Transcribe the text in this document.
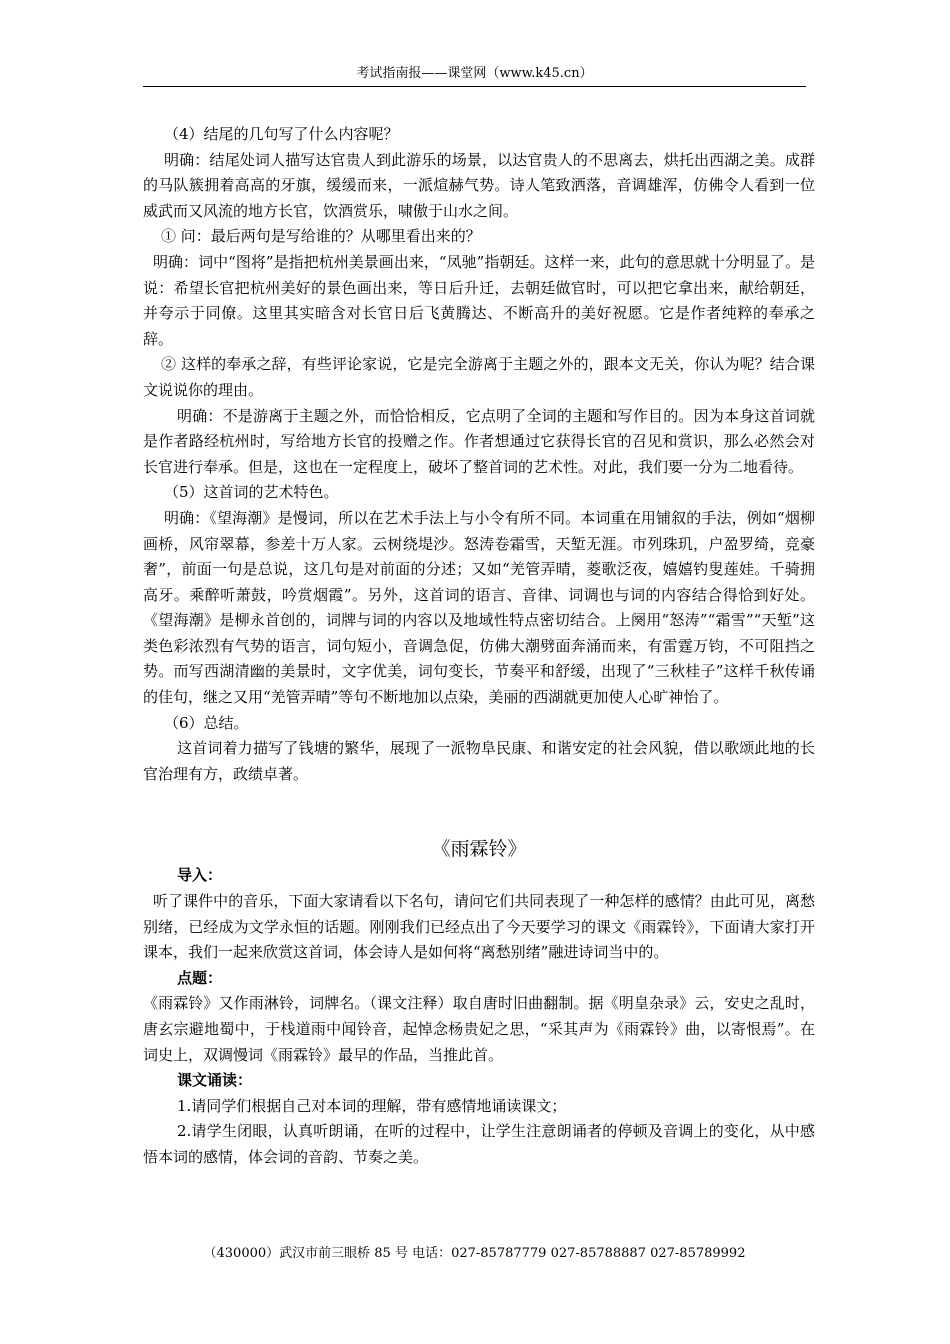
考试指南报——课堂网（www.k45.cn）

（4）结尾的几句写了什么内容呢？

明确：结尾处词人描写达官贵人到此游乐的场景，以达官贵人的不思离去，烘托出西湖之美。成群的马队簇拥着高高的牙旗，缓缓而来，一派煊赫气势。诗人笔致洒落，音调雄浑，仿佛令人看到一位威武而又风流的地方长官，饮酒赏乐，啸傲于山水之间。

① 问：最后两句是写给谁的？从哪里看出来的？

明确：词中“图将”是指把杭州美景画出来，“凤驰”指朝廷。这样一来，此句的意思就十分明显了。是说：希望长官把杭州美好的景色画出来，等日后升迁，去朝廷做官时，可以把它拿出来，献给朝廷，并夸示于同僚。这里其实暗含对长官日后飞黄腾达、不断高升的美好祝愿。它是作者纯粹的奉承之辞。

② 这样的奉承之辞，有些评论家说，它是完全游离于主题之外的，跟本文无关，你认为呢？结合课文说说你的理由。

明确：不是游离于主题之外，而恰恰相反，它点明了全词的主题和写作目的。因为本身这首词就是作者路经杭州时，写给地方长官的投赠之作。作者想通过它获得长官的召见和赏识，那么必然会对长官进行奉承。但是，这也在一定程度上，破坏了整首词的艺术性。对此，我们要一分为二地看待。

（5）这首词的艺术特色。

明确：《望海潮》是慢词，所以在艺术手法上与小令有所不同。本词重在用铺叙的手法，例如“烟柳画桥，风帘翠幕，参差十万人家。云树绕堤沙。怒涛卷霜雪，天堑无涯。市列珠玑，户盈罗绮，竞豪奢”，前面一句是总说，这几句是对前面的分述；又如“羌管弄晴，菱歌泛夜，嬉嬉钓叟莲娃。千骑拥高牙。乘醉听萧鼓，吟赏烟霞”。另外，这首词的语言、音律、词调也与词的内容结合得恰到好处。《望海潮》是柳永首创的，词牌与词的内容以及地域性特点密切结合。上阕用“怒涛”“霜雪”“天堑”这类色彩浓烈有气势的语言，词句短小，音调急促，仿佛大潮劈面奔涌而来，有雷霆万钧，不可阻挡之势。而写西湖清幽的美景时，文字优美，词句变长，节奏平和舒缓，出现了“三秋桂子”这样千秋传诵的佳句，继之又用“羌管弄晴”等句不断地加以点染，美丽的西湖就更加使人心旷神怡了。

（6）总结。

这首词着力描写了钱塘的繁华，展现了一派物阜民康、和谐安定的社会风貌，借以歌颂此地的长官治理有方，政绩卓著。

《雨霖铃》

导入：

听了课件中的音乐，下面大家请看以下名句，请问它们共同表现了一种怎样的感情？由此可见，离愁别绪，已经成为文学永恒的话题。刚刚我们已经点出了今天要学习的课文《雨霖铃》，下面请大家打开课本，我们一起来欣赏这首词，体会诗人是如何将“离愁别绪”融进诗词当中的。

点题：

《雨霖铃》又作雨淋铃，词牌名。（课文注释）取自唐时旧曲翻制。据《明皇杂录》云，安史之乱时，唐玄宗避地蜀中，于栈道雨中闻铃音，起悼念杨贵妃之思，“采其声为《雨霖铃》曲，以寄恨焉”。在词史上，双调慢词《雨霖铃》最早的作品，当推此首。

课文诵读：

1.请同学们根据自己对本词的理解，带有感情地诵读课文；

2.请学生闭眼，认真听朗诵，在听的过程中，让学生注意朗诵者的停顿及音调上的变化，从中感悟本词的感情，体会词的音韵、节奏之美。

（430000）武汉市前三眼桥 85 号 电话：027-85787779 027-85788887 027-85789992
